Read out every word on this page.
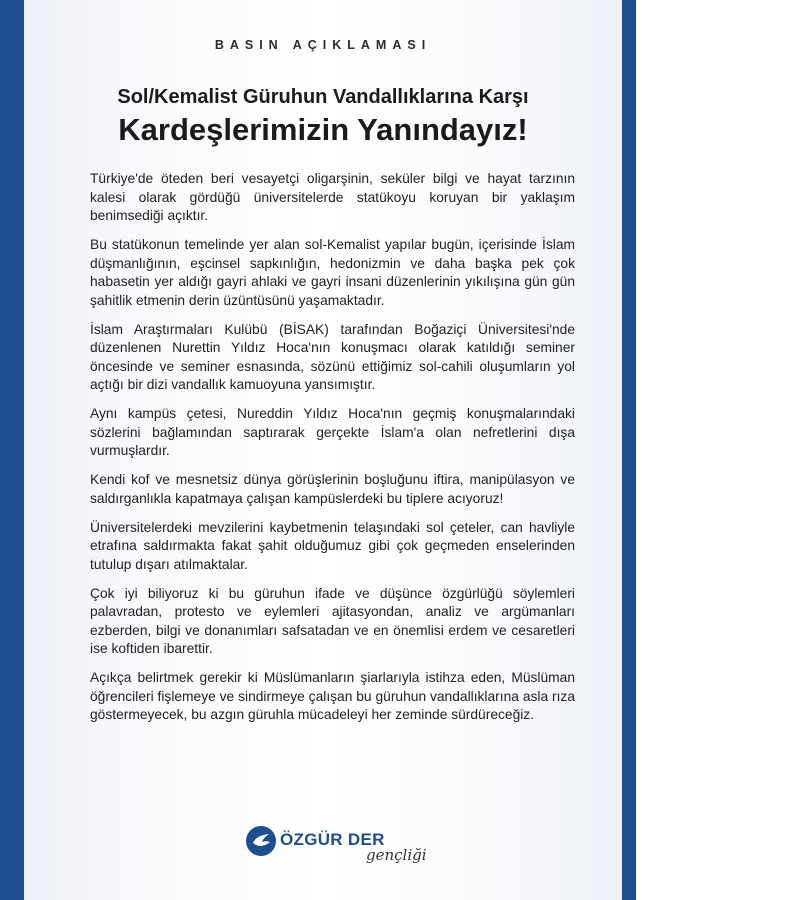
BASIN AÇIKLAMASI
Sol/Kemalist Güruhun Vandallıklarına Karşı
Kardeşlerimizin Yanındayız!

Türkiye'de öteden beri vesayetçi oligarşinin, seküler bilgi ve hayat tarzının kalesi olarak gördüğü üniversitelerde statükoyu koruyan bir yaklaşım benimsediği açıktır.

Bu statükonun temelinde yer alan sol-Kemalist yapılar bugün, içerisinde İslam düşmanlığının, eşcinsel sapkınlığın, hedonizmin ve daha başka pek çok habasetin yer aldığı gayri ahlaki ve gayri insani düzenlerinin yıkılışına gün gün şahitlik etmenin derin üzüntüsünü yaşamaktadır.

İslam Araştırmaları Kulübü (BİSAK) tarafından Boğaziçi Üniversitesi'nde düzenlenen Nurettin Yıldız Hoca'nın konuşmacı olarak katıldığı seminer öncesinde ve seminer esnasında, sözünü ettiğimiz sol-cahili oluşumların yol açtığı bir dizi vandallık kamuoyuna yansımıştır.

Aynı kampüs çetesi, Nureddin Yıldız Hoca'nın geçmiş konuşmalarındaki sözlerini bağlamından saptırarak gerçekte İslam'a olan nefretlerini dışa vurmuşlardır.

Kendi kof ve mesnetsiz dünya görüşlerinin boşluğunu iftira, manipülasyon ve saldırganlıkla kapatmaya çalışan kampüslerdeki bu tiplere acıyoruz!

Üniversitelerdeki mevzilerini kaybetmenin telaşındaki sol çeteler, can havliyle etrafına saldırmakta fakat şahit olduğumuz gibi çok geçmeden enselerinden tutulup dışarı atılmaktalar.

Çok iyi biliyoruz ki bu güruhun ifade ve düşünce özgürlüğü söylemleri palavradan, protesto ve eylemleri ajitasyondan, analiz ve argümanları ezberden, bilgi ve donanımları safsatadan ve en önemlisi erdem ve cesaretleri ise koftiden ibarettir.

Açıkça belirtmek gerekir ki Müslümanların şiarlarıyla istihza eden, Müslüman öğrencileri fişlemeye ve sindirmeye çalışan bu güruhun vandallıklarına asla rıza göstermeyecek, bu azgın güruhla mücadeleyi her zeminde sürdüreceğiz.

ÖZGÜR DER
gençliği
